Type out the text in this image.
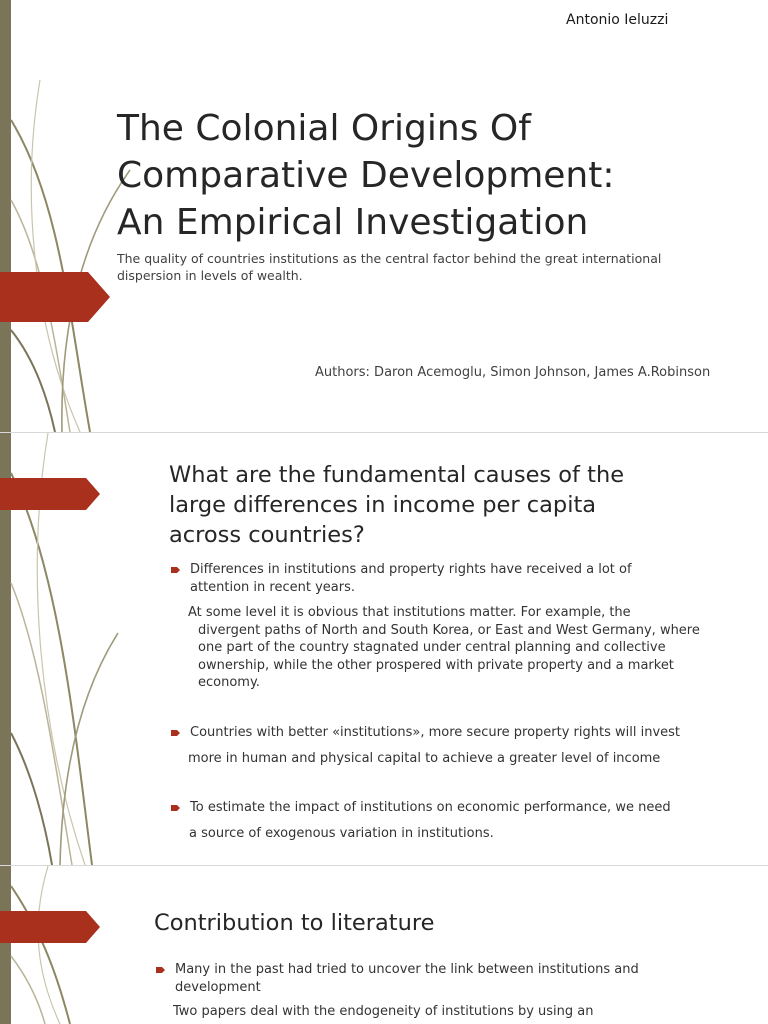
Antonio Ieluzzi
The Colonial Origins Of
Comparative Development:
An Empirical Investigation

The quality of countries institutions as the central factor behind the great international dispersion in levels of wealth.

Authors: Daron Acemoglu, Simon Johnson, James A.Robinson
What are the fundamental causes of the
large differences in income per capita
across countries?
Differences in institutions and property rights have received a lot of attention in recent years.
At some level it is obvious that institutions matter. For example, the
divergent paths of North and South Korea, or East and West Germany, where one part of the country stagnated under central planning and collective ownership, while the other prospered with private property and a market economy.
Countries with better «institutions», more secure property rights will invest
more in human and physical capital to achieve a greater level of income
To estimate the impact of institutions on economic performance, we need
a source of exogenous variation in institutions.
Contribution to literature
Many in the past had tried to uncover the link between institutions and development
Two papers deal with the endogeneity of institutions by using an
